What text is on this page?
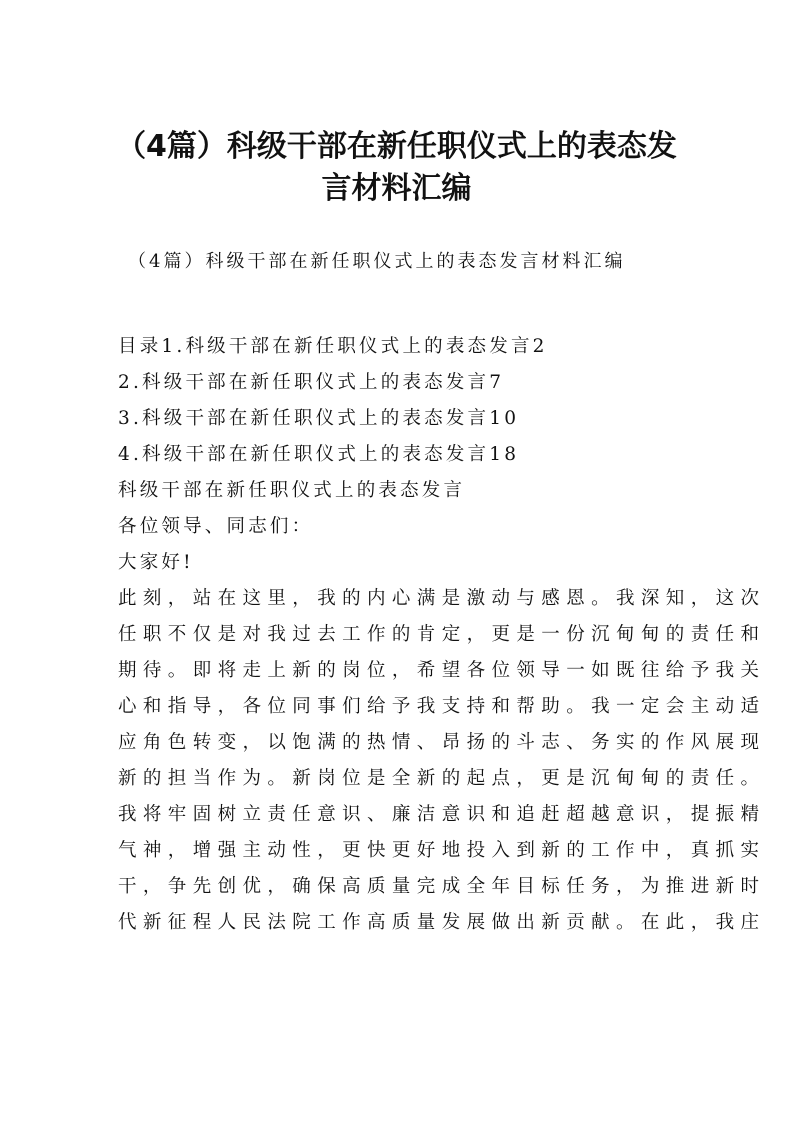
（4篇）科级干部在新任职仪式上的表态发
言材料汇编
（4篇）科级干部在新任职仪式上的表态发言材料汇编
目录1.科级干部在新任职仪式上的表态发言2
2.科级干部在新任职仪式上的表态发言7
3.科级干部在新任职仪式上的表态发言10
4.科级干部在新任职仪式上的表态发言18
科级干部在新任职仪式上的表态发言
各位领导、同志们：
大家好!
此刻，站在这里，我的内心满是激动与感恩。我深知，这次
任职不仅是对我过去工作的肯定，更是一份沉甸甸的责任和
期待。即将走上新的岗位，希望各位领导一如既往给予我关
心和指导，各位同事们给予我支持和帮助。我一定会主动适
应角色转变，以饱满的热情、昂扬的斗志、务实的作风展现
新的担当作为。新岗位是全新的起点，更是沉甸甸的责任。
我将牢固树立责任意识、廉洁意识和追赶超越意识，提振精
气神，增强主动性，更快更好地投入到新的工作中，真抓实
干，争先创优，确保高质量完成全年目标任务，为推进新时
代新征程人民法院工作高质量发展做出新贡献。在此，我庄
